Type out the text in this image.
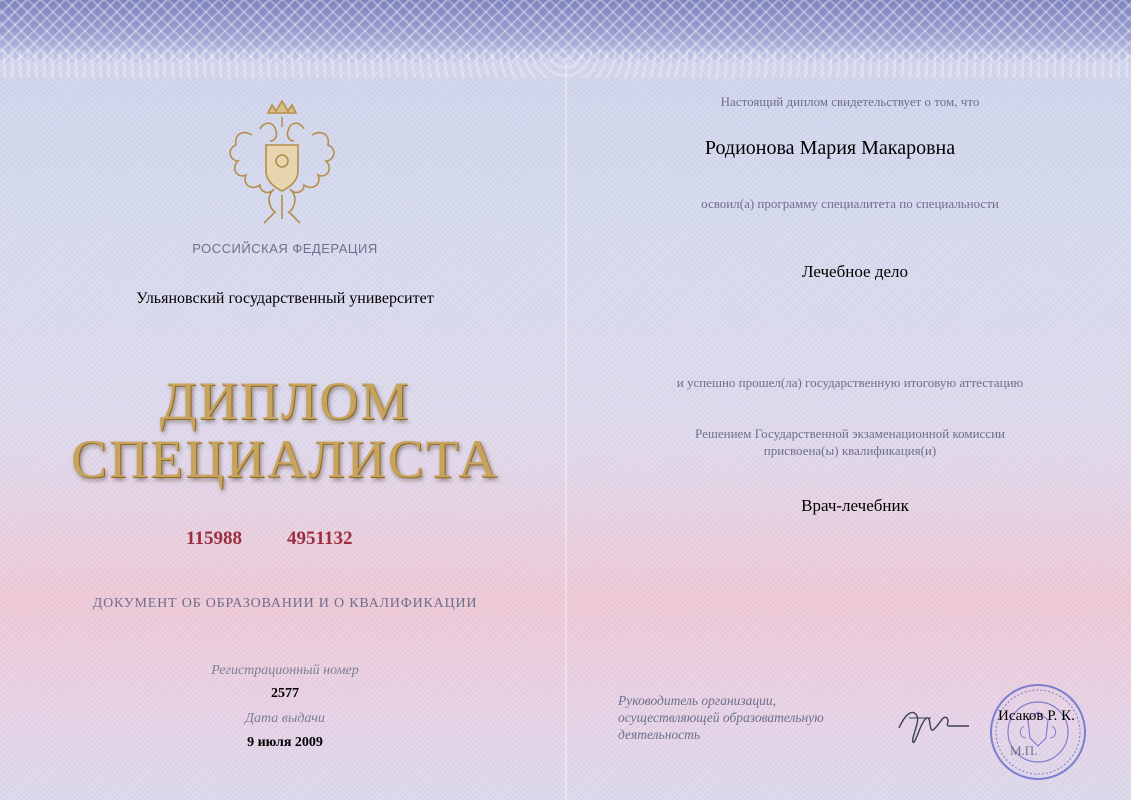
РОССИЙСКАЯ ФЕДЕРАЦИЯ
Ульяновский государственный университет
ДИПЛОМ
СПЕЦИАЛИСТА
115988 4951132
ДОКУМЕНТ ОБ ОБРАЗОВАНИИ И О КВАЛИФИКАЦИИ
Регистрационный номер
2577
Дата выдачи
9 июля 2009
Настоящий диплом свидетельствует о том, что
Родионова Мария Макаровна
освоил(а) программу специалитета по специальности
Лечебное дело
и успешно прошел(ла) государственную итоговую аттестацию
Решением Государственной экзаменационной комиссии
присвоена(ы) квалификация(и)
Врач-лечебник
Руководитель организации,
осуществляющей образовательную
деятельность
Исаков Р. К.
М.П.
